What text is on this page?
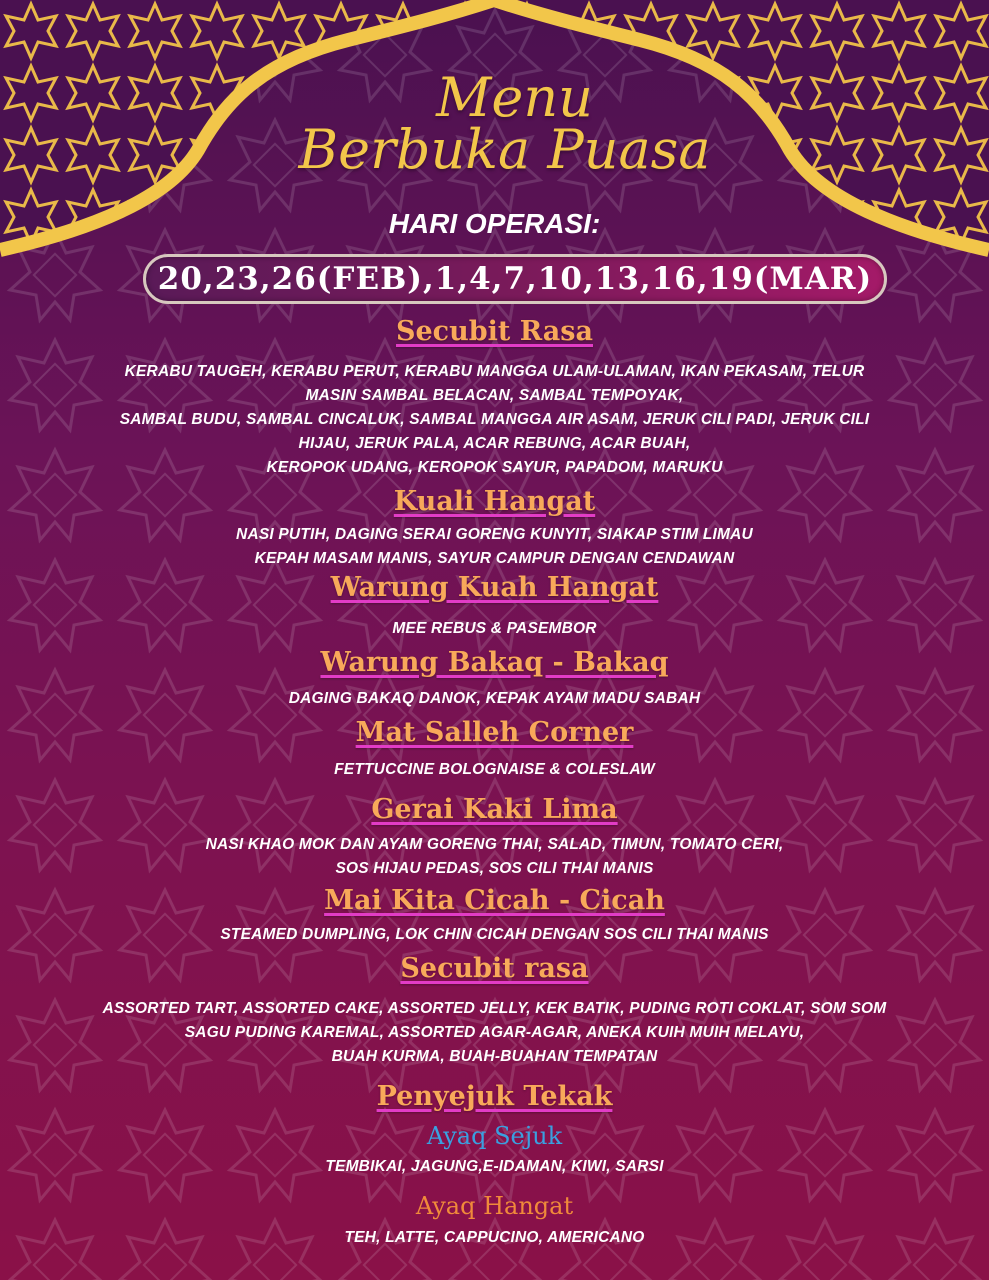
Menu
Berbuka Puasa
HARI OPERASI:
20,23,26(FEB),1,4,7,10,13,16,19(MAR)
Secubit Rasa
KERABU TAUGEH, KERABU PERUT, KERABU MANGGA ULAM-ULAMAN, IKAN PEKASAM, TELUR
MASIN SAMBAL BELACAN, SAMBAL TEMPOYAK,
SAMBAL BUDU, SAMBAL CINCALUK, SAMBAL MANGGA AIR ASAM, JERUK CILI PADI, JERUK CILI
HIJAU, JERUK PALA, ACAR REBUNG, ACAR BUAH,
KEROPOK UDANG, KEROPOK SAYUR, PAPADOM, MARUKU
Kuali Hangat
NASI PUTIH, DAGING SERAI GORENG KUNYIT, SIAKAP STIM LIMAU
KEPAH MASAM MANIS, SAYUR CAMPUR DENGAN CENDAWAN
Warung Kuah Hangat
MEE REBUS & PASEMBOR
Warung Bakaq - Bakaq
DAGING BAKAQ DANOK, KEPAK AYAM MADU SABAH
Mat Salleh Corner
FETTUCCINE BOLOGNAISE & COLESLAW
Gerai Kaki Lima
NASI KHAO MOK DAN AYAM GORENG THAI, SALAD, TIMUN, TOMATO CERI,
SOS HIJAU PEDAS, SOS CILI THAI MANIS
Mai Kita Cicah - Cicah
STEAMED DUMPLING, LOK CHIN CICAH DENGAN SOS CILI THAI MANIS
Secubit rasa
ASSORTED TART, ASSORTED CAKE, ASSORTED JELLY, KEK BATIK, PUDING ROTI COKLAT, SOM SOM
SAGU PUDING KAREMAL, ASSORTED AGAR-AGAR, ANEKA KUIH MUIH MELAYU,
BUAH KURMA, BUAH-BUAHAN TEMPATAN
Penyejuk Tekak
Ayaq Sejuk
TEMBIKAI, JAGUNG,E-IDAMAN, KIWI, SARSI
Ayaq Hangat
TEH, LATTE, CAPPUCINO, AMERICANO
